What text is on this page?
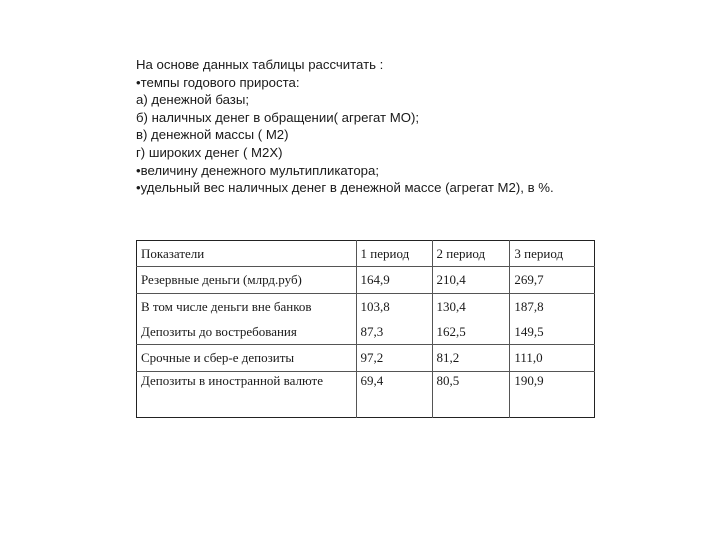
На основе данных таблицы рассчитать :
•темпы годового прироста:
а) денежной базы;
б) наличных денег в обращении( агрегат МО);
в) денежной массы ( М2)
г) широких денег ( М2Х)
•величину денежного мультипликатора;
•удельный вес наличных денег в денежной массе (агрегат М2), в %.
Показатели	1 период	2 период	3 период
Резервные деньги (млрд.руб)	164,9	210,4	269,7
В том числе деньги вне банков	103,8	130,4	187,8
Депозиты до востребования	87,3	162,5	149,5
Срочные и сбер-е депозиты	97,2	81,2	111,0
Депозиты в иностранной валюте	69,4	80,5	190,9
